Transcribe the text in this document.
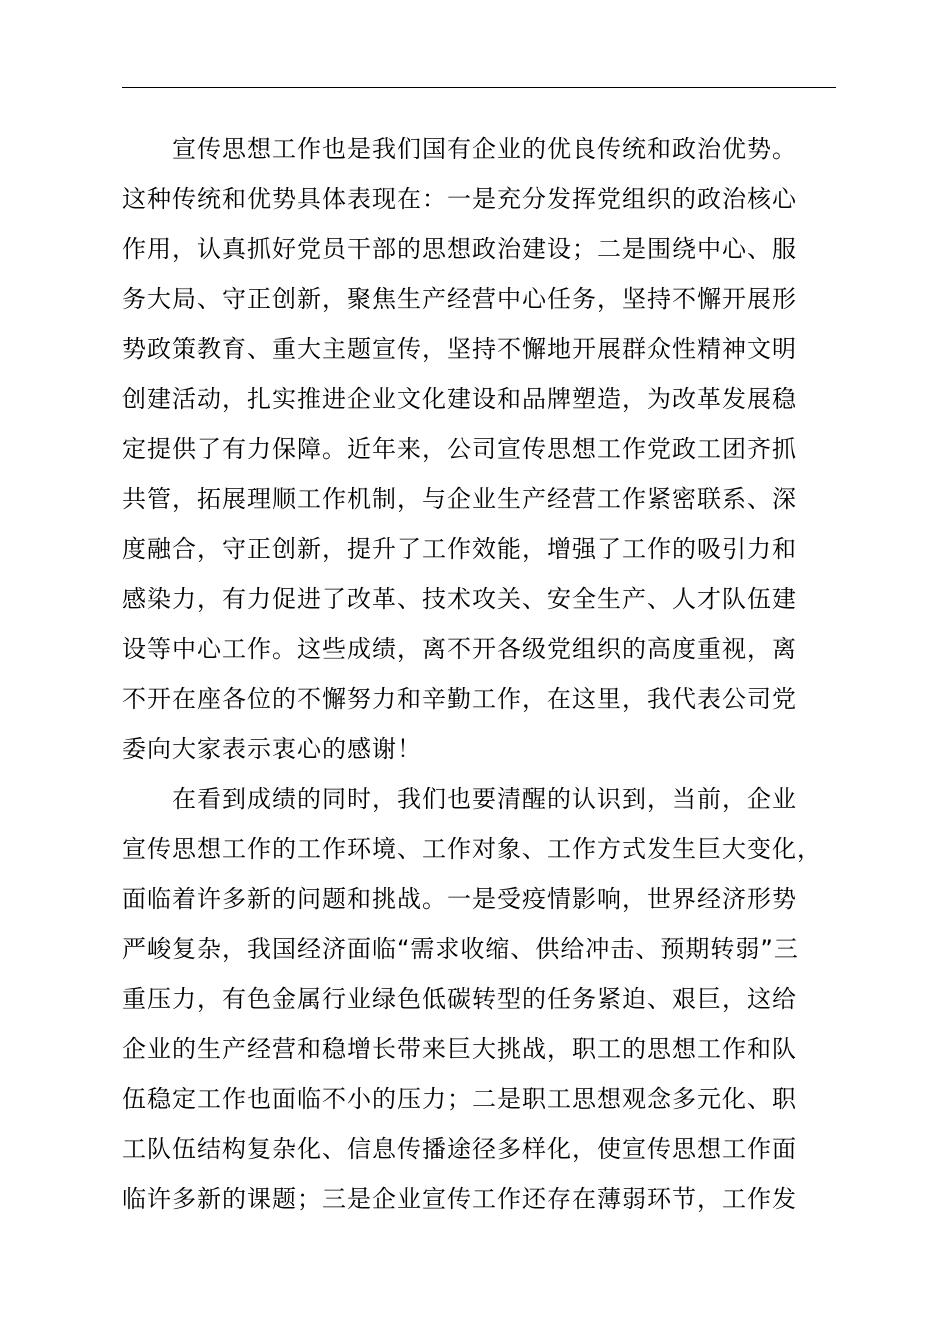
宣传思想工作也是我们国有企业的优良传统和政治优势。
这种传统和优势具体表现在：一是充分发挥党组织的政治核心
作用，认真抓好党员干部的思想政治建设；二是围绕中心、服
务大局、守正创新，聚焦生产经营中心任务，坚持不懈开展形
势政策教育、重大主题宣传，坚持不懈地开展群众性精神文明
创建活动，扎实推进企业文化建设和品牌塑造，为改革发展稳
定提供了有力保障。近年来，公司宣传思想工作党政工团齐抓
共管，拓展理顺工作机制，与企业生产经营工作紧密联系、深
度融合，守正创新，提升了工作效能，增强了工作的吸引力和
感染力，有力促进了改革、技术攻关、安全生产、人才队伍建
设等中心工作。这些成绩，离不开各级党组织的高度重视，离
不开在座各位的不懈努力和辛勤工作，在这里，我代表公司党
委向大家表示衷心的感谢！
在看到成绩的同时，我们也要清醒的认识到，当前，企业
宣传思想工作的工作环境、工作对象、工作方式发生巨大变化，
面临着许多新的问题和挑战。一是受疫情影响，世界经济形势
严峻复杂，我国经济面临“需求收缩、供给冲击、预期转弱”三
重压力，有色金属行业绿色低碳转型的任务紧迫、艰巨，这给
企业的生产经营和稳增长带来巨大挑战，职工的思想工作和队
伍稳定工作也面临不小的压力；二是职工思想观念多元化、职
工队伍结构复杂化、信息传播途径多样化，使宣传思想工作面
临许多新的课题；三是企业宣传工作还存在薄弱环节，工作发
